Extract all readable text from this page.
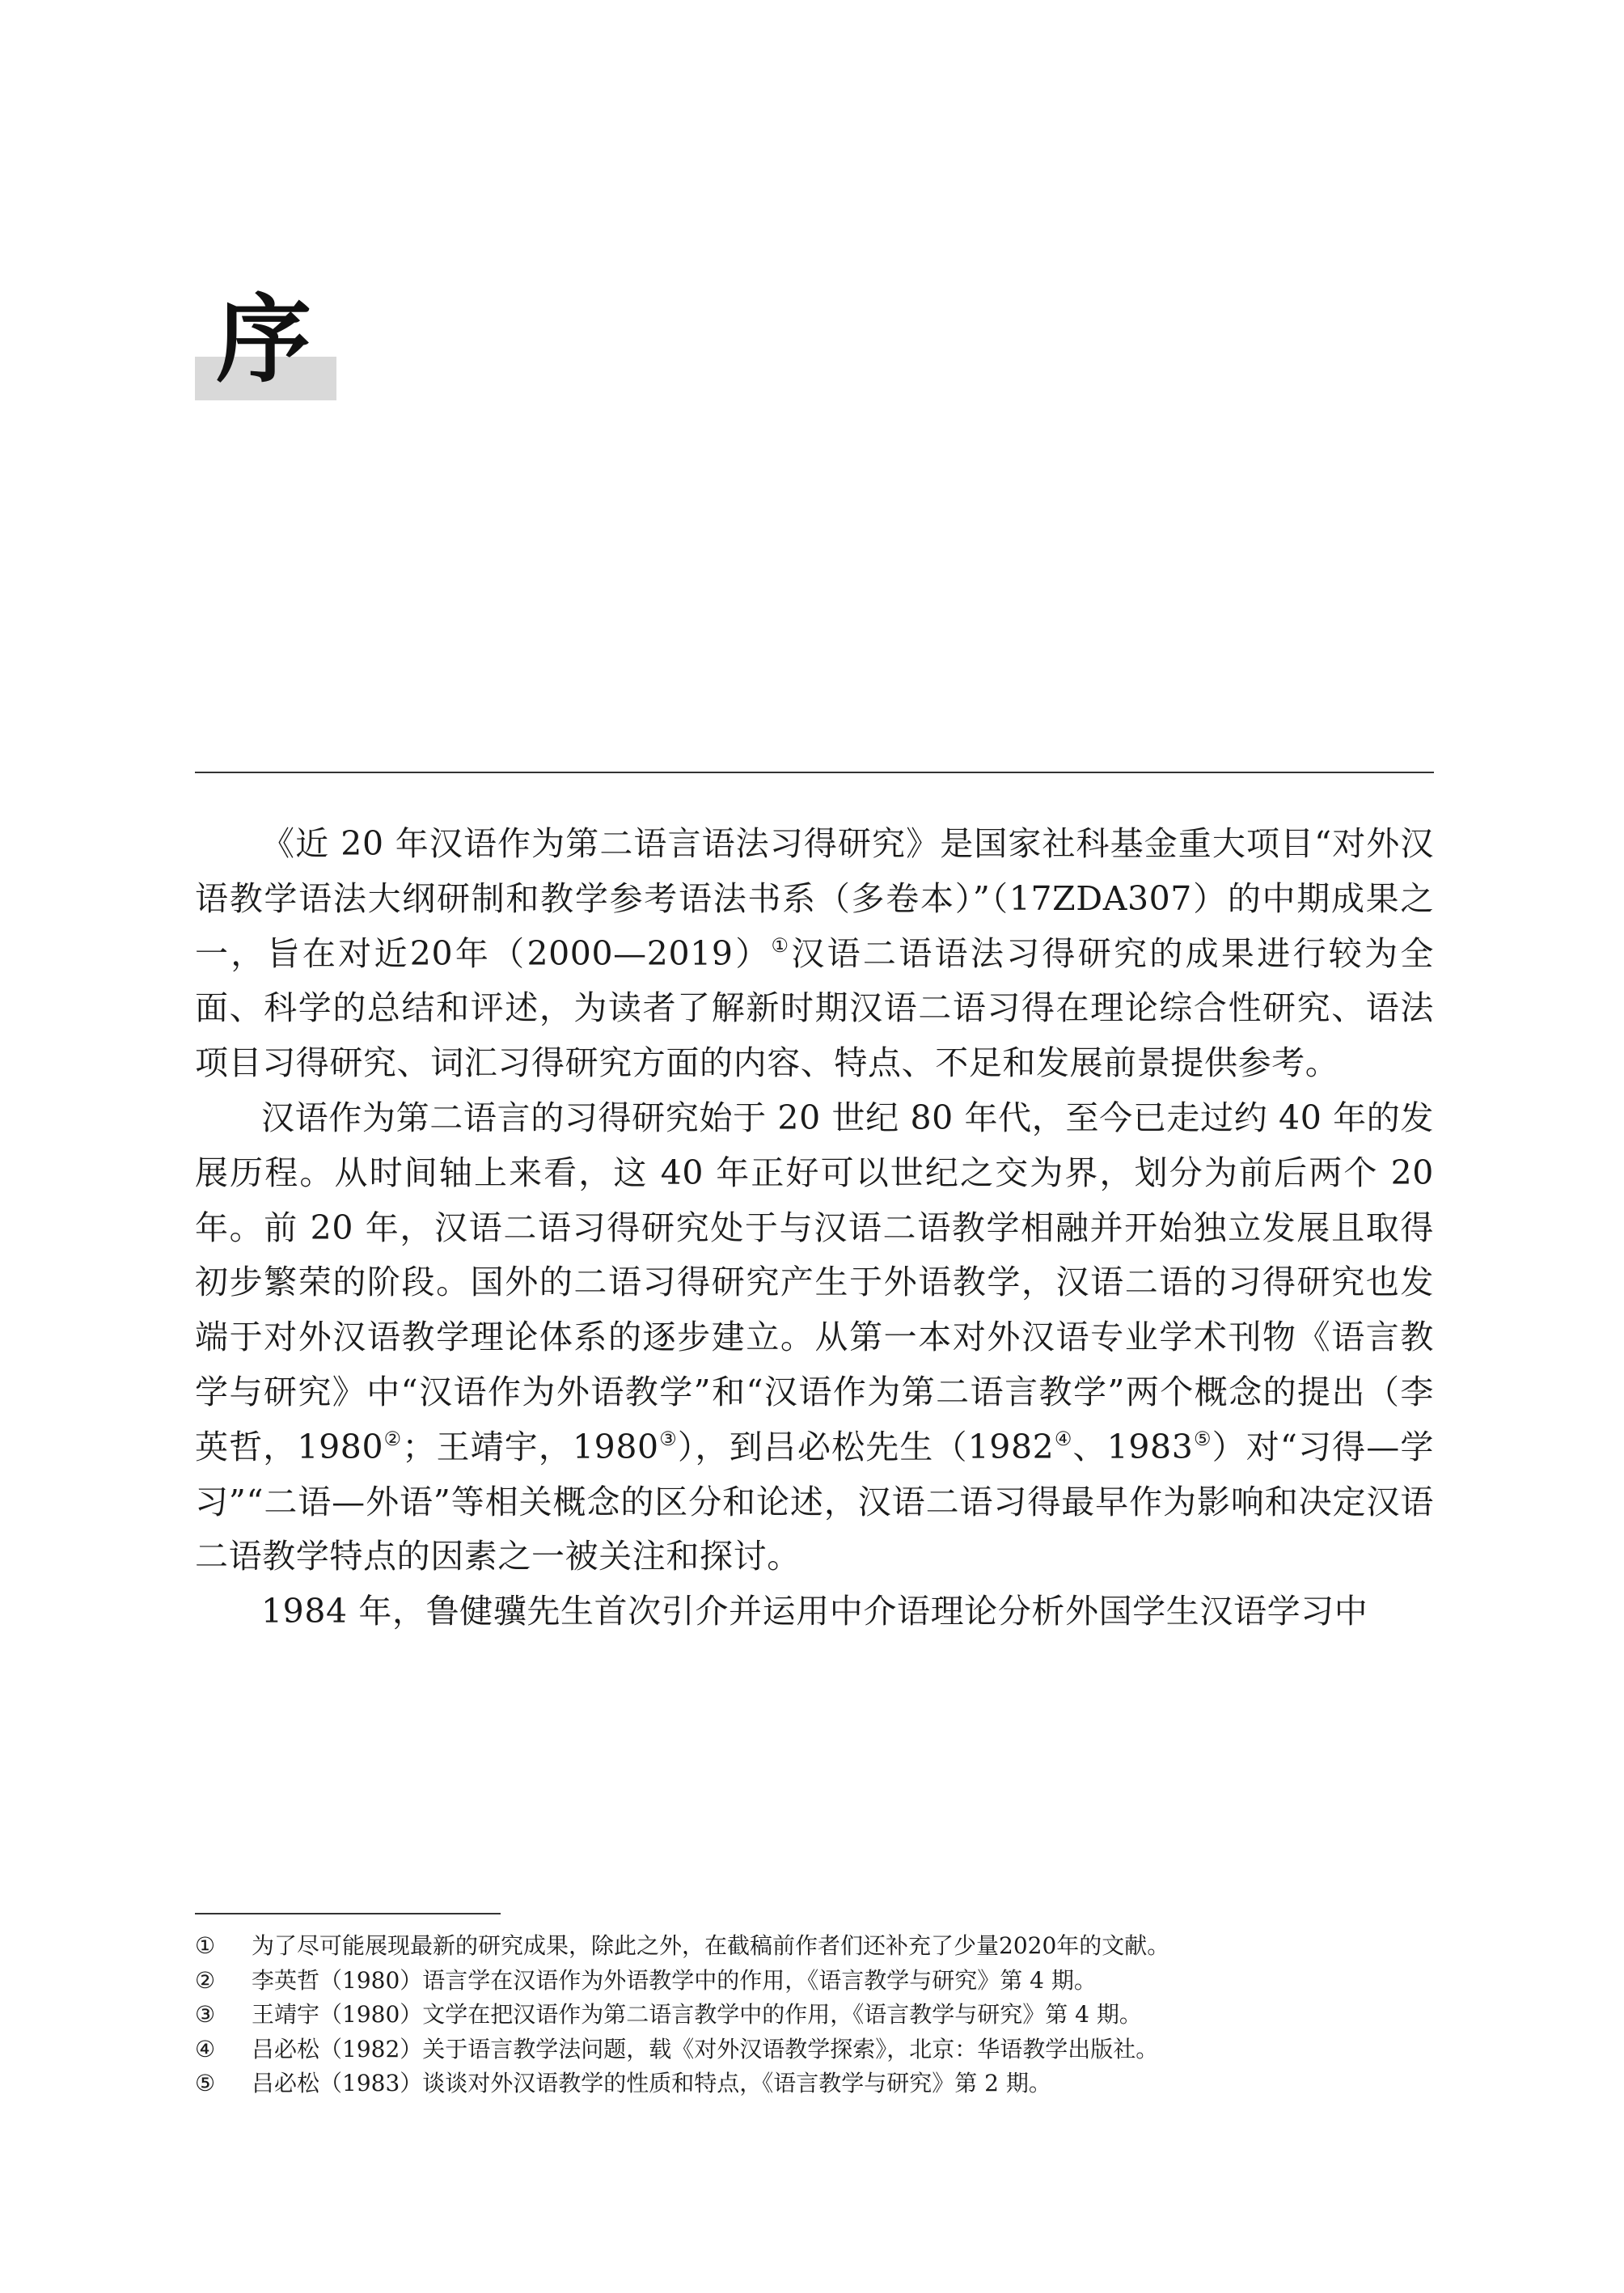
序

《近 20 年汉语作为第二语言语法习得研究》是国家社科基金重大项目“对外汉语教学语法大纲研制和教学参考语法书系（多卷本）”（17ZDA307）的中期成果之一，旨在对近20年（2000—2019）①汉语二语语法习得研究的成果进行较为全面、科学的总结和评述，为读者了解新时期汉语二语习得在理论综合性研究、语法项目习得研究、词汇习得研究方面的内容、特点、不足和发展前景提供参考。

汉语作为第二语言的习得研究始于 20 世纪 80 年代，至今已走过约 40 年的发展历程。从时间轴上来看，这 40 年正好可以世纪之交为界，划分为前后两个 20 年。前 20 年，汉语二语习得研究处于与汉语二语教学相融并开始独立发展且取得初步繁荣的阶段。国外的二语习得研究产生于外语教学，汉语二语的习得研究也发端于对外汉语教学理论体系的逐步建立。从第一本对外汉语专业学术刊物《语言教学与研究》中“汉语作为外语教学”和“汉语作为第二语言教学”两个概念的提出（李英哲，1980②；王靖宇，1980③），到吕必松先生（1982④、1983⑤）对“习得—学习”“二语—外语”等相关概念的区分和论述，汉语二语习得最早作为影响和决定汉语二语教学特点的因素之一被关注和探讨。

1984 年，鲁健骥先生首次引介并运用中介语理论分析外国学生汉语学习中

①	为了尽可能展现最新的研究成果，除此之外，在截稿前作者们还补充了少量2020年的文献。
②	李英哲（1980）语言学在汉语作为外语教学中的作用，《语言教学与研究》第 4 期。
③	王靖宇（1980）文学在把汉语作为第二语言教学中的作用，《语言教学与研究》第 4 期。
④	吕必松（1982）关于语言教学法问题，载《对外汉语教学探索》，北京：华语教学出版社。
⑤	吕必松（1983）谈谈对外汉语教学的性质和特点，《语言教学与研究》第 2 期。
